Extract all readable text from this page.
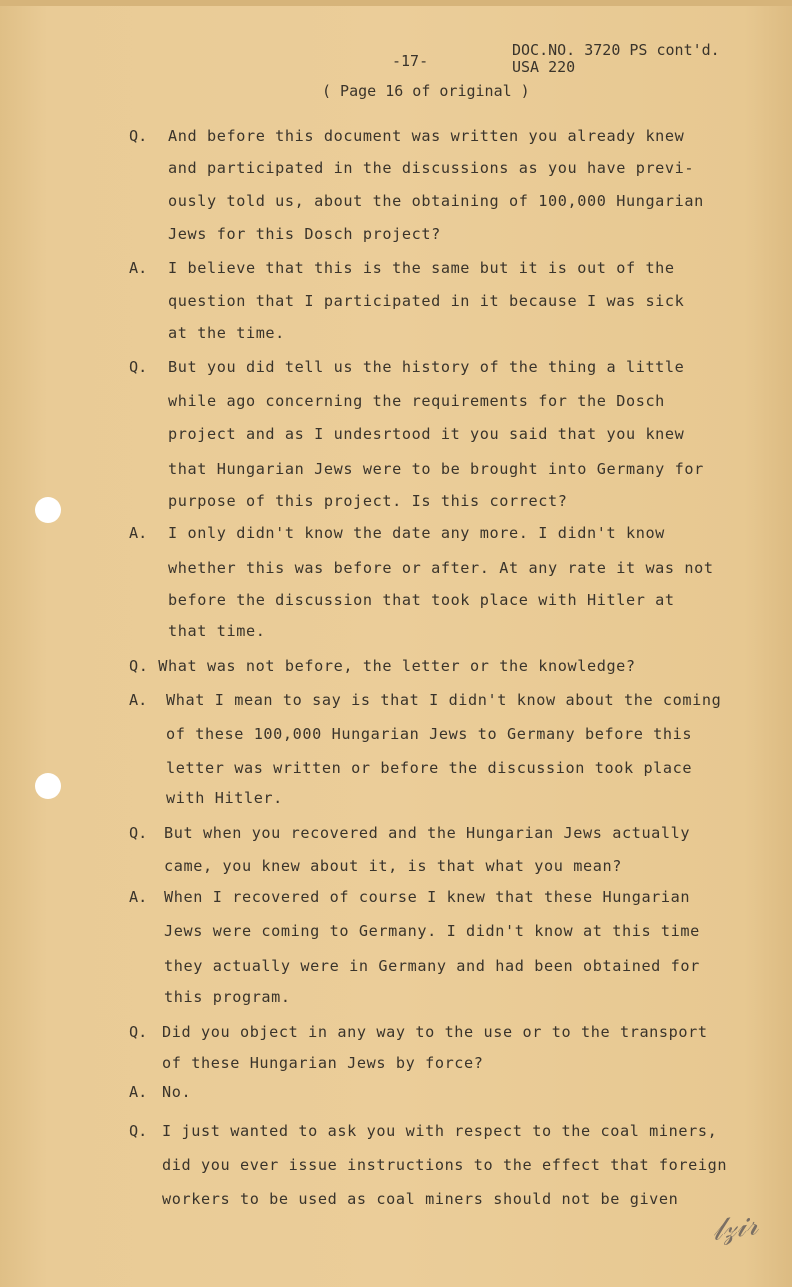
-17-
DOC.NO. 3720 PS cont'd.
USA 220
( Page 16 of original )
Q. And before this document was written you already knew
and participated in the discussions as you have previ-
ously told us, about the obtaining of 100,000 Hungarian
Jews for this Dosch project?
A. I believe that this is the same but it is out of the
question that I participated in it because I was sick
at the time.
Q. But you did tell us the history of the thing a little
while ago concerning the requirements for the Dosch
project and as I undesrtood it you said that you knew
that Hungarian Jews were to be brought into Germany for
purpose of this project. Is this correct?
A. I only didn't know the date any more. I didn't know
whether this was before or after. At any rate it was not
before the discussion that took place with Hitler at
that time.
Q. What was not before, the letter or the knowledge?
A. What I mean to say is that I didn't know about the coming
of these 100,000 Hungarian Jews to Germany before this
letter was written or before the discussion took place
with Hitler.
Q. But when you recovered and the Hungarian Jews actually
came, you knew about it, is that what you mean?
A. When I recovered of course I knew that these Hungarian
Jews were coming to Germany. I didn't know at this time
they actually were in Germany and had been obtained for
this program.
Q. Did you object in any way to the use or to the transport
of these Hungarian Jews by force?
A. No.
Q. I just wanted to ask you with respect to the coal miners,
did you ever issue instructions to the effect that foreign
workers to be used as coal miners should not be given
𝓁𝓏𝒾𝓇
